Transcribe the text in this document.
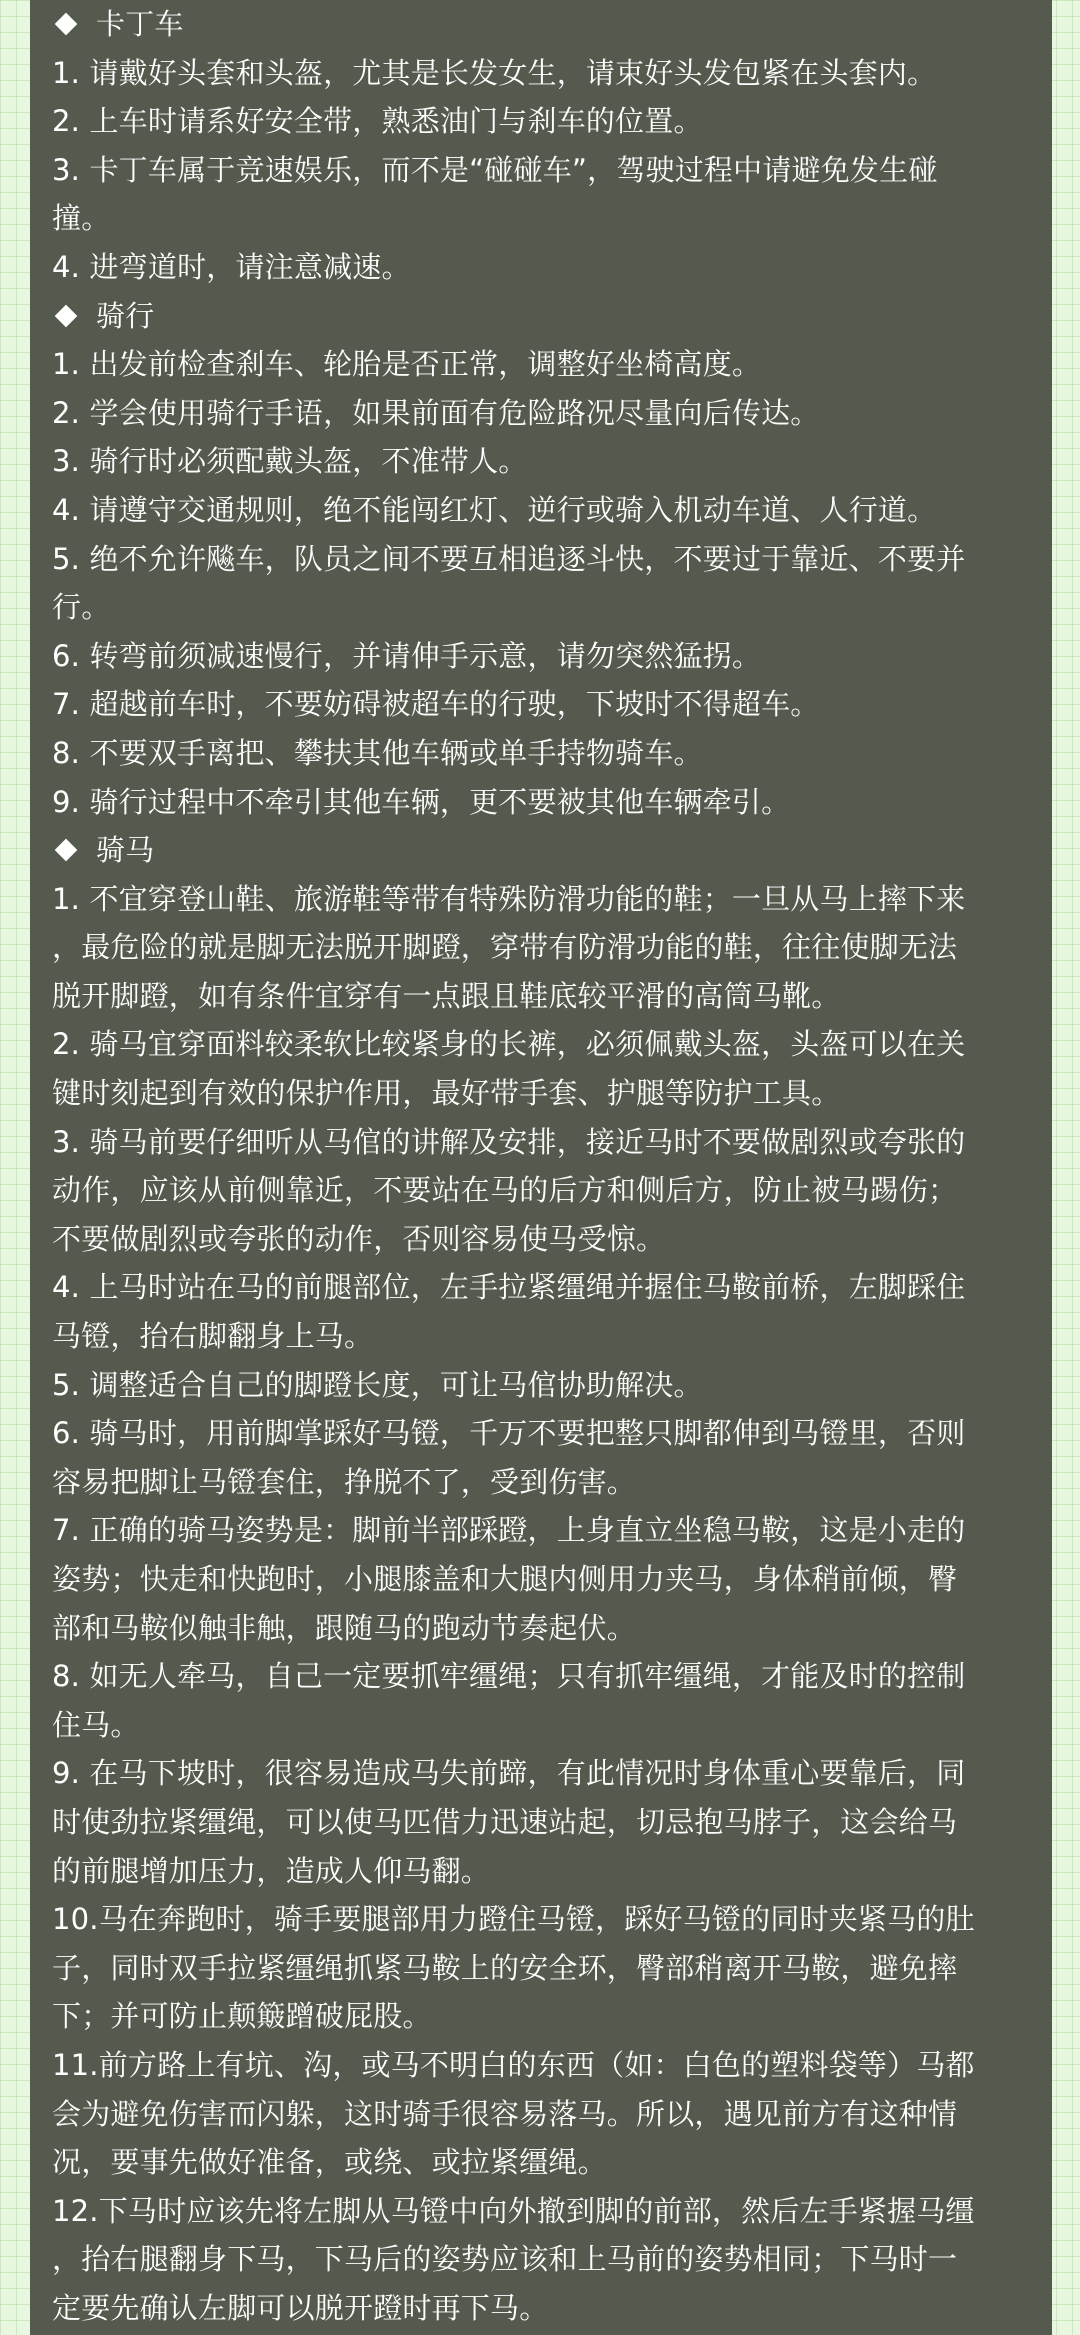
卡丁车
1. 请戴好头套和头盔，尤其是长发女生，请束好头发包紧在头套内。
2. 上车时请系好安全带，熟悉油门与刹车的位置。
3. 卡丁车属于竞速娱乐，而不是“碰碰车”，驾驶过程中请避免发生碰
撞。
4. 进弯道时，请注意减速。
骑行
1. 出发前检查刹车、轮胎是否正常，调整好坐椅高度。
2. 学会使用骑行手语，如果前面有危险路况尽量向后传达。
3. 骑行时必须配戴头盔，不准带人。
4. 请遵守交通规则，绝不能闯红灯、逆行或骑入机动车道、人行道。
5. 绝不允许飚车，队员之间不要互相追逐斗快，不要过于靠近、不要并
行。
6. 转弯前须减速慢行，并请伸手示意，请勿突然猛拐。
7. 超越前车时，不要妨碍被超车的行驶，下坡时不得超车。
8. 不要双手离把、攀扶其他车辆或单手持物骑车。
9. 骑行过程中不牵引其他车辆，更不要被其他车辆牵引。
骑马
1. 不宜穿登山鞋、旅游鞋等带有特殊防滑功能的鞋；一旦从马上摔下来
，最危险的就是脚无法脱开脚蹬，穿带有防滑功能的鞋，往往使脚无法
脱开脚蹬，如有条件宜穿有一点跟且鞋底较平滑的高筒马靴。
2. 骑马宜穿面料较柔软比较紧身的长裤，必须佩戴头盔，头盔可以在关
键时刻起到有效的保护作用，最好带手套、护腿等防护工具。
3. 骑马前要仔细听从马倌的讲解及安排，接近马时不要做剧烈或夸张的
动作，应该从前侧靠近，不要站在马的后方和侧后方，防止被马踢伤；
不要做剧烈或夸张的动作，否则容易使马受惊。
4. 上马时站在马的前腿部位，左手拉紧缰绳并握住马鞍前桥，左脚踩住
马镫，抬右脚翻身上马。
5. 调整适合自己的脚蹬长度，可让马倌协助解决。
6. 骑马时，用前脚掌踩好马镫，千万不要把整只脚都伸到马镫里，否则
容易把脚让马镫套住，挣脱不了，受到伤害。
7. 正确的骑马姿势是：脚前半部踩蹬，上身直立坐稳马鞍，这是小走的
姿势；快走和快跑时，小腿膝盖和大腿内侧用力夹马，身体稍前倾，臀
部和马鞍似触非触，跟随马的跑动节奏起伏。
8. 如无人牵马，自己一定要抓牢缰绳；只有抓牢缰绳，才能及时的控制
住马。
9. 在马下坡时，很容易造成马失前蹄，有此情况时身体重心要靠后，同
时使劲拉紧缰绳，可以使马匹借力迅速站起，切忌抱马脖子，这会给马
的前腿增加压力，造成人仰马翻。
10.马在奔跑时，骑手要腿部用力蹬住马镫，踩好马镫的同时夹紧马的肚
子，同时双手拉紧缰绳抓紧马鞍上的安全环，臀部稍离开马鞍，避免摔
下；并可防止颠簸蹭破屁股。
11.前方路上有坑、沟，或马不明白的东西（如：白色的塑料袋等）马都
会为避免伤害而闪躲，这时骑手很容易落马。所以，遇见前方有这种情
况，要事先做好准备，或绕、或拉紧缰绳。
12.下马时应该先将左脚从马镫中向外撤到脚的前部，然后左手紧握马缰
，抬右腿翻身下马，下马后的姿势应该和上马前的姿势相同；下马时一
定要先确认左脚可以脱开蹬时再下马。
